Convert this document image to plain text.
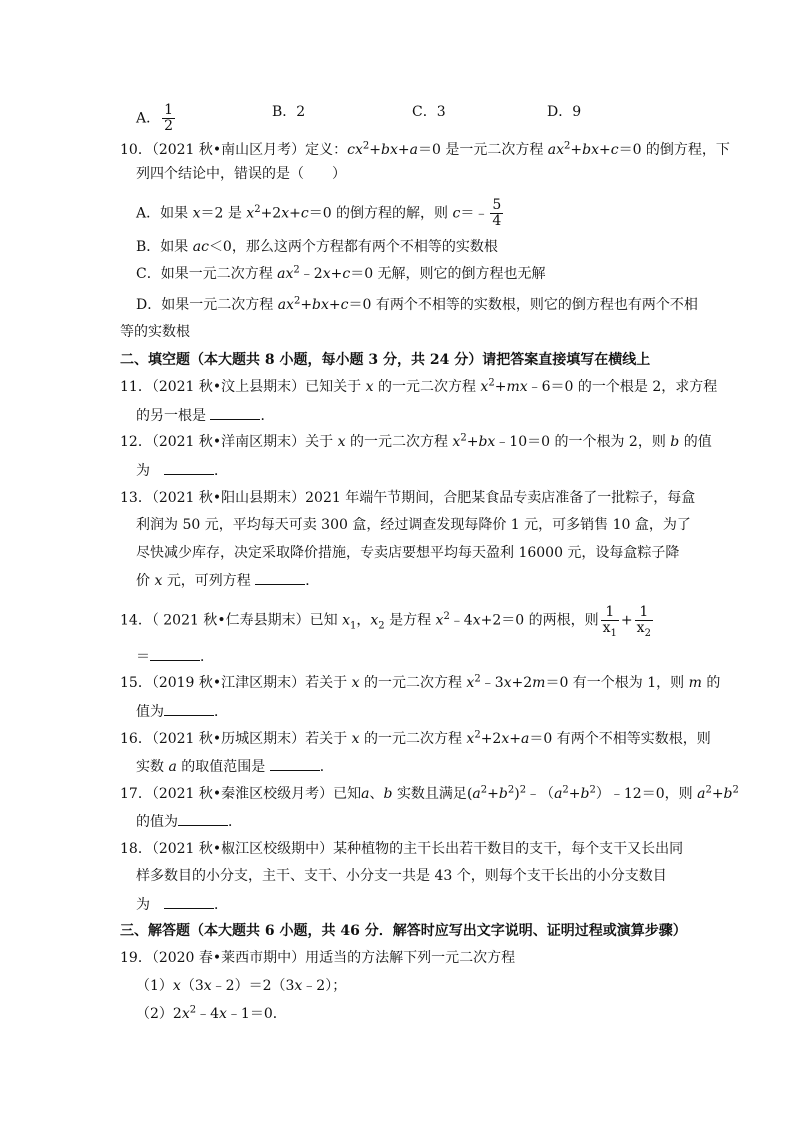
A． $\frac{1}{2}$	B．2	C．3	D．9
10．（2021 秋•南山区月考）定义：$cx^2+bx+a=0$ 是一元二次方程 $ax^2+bx+c=0$ 的倒方程，下
列四个结论中，错误的是（　　）
A．如果 x＝2 是 $x^2+2x+c=0$ 的倒方程的解，则 c＝﹣ $\frac{5}{4}$
B．如果 ac＜0，那么这两个方程都有两个不相等的实数根
C．如果一元二次方程 $ax^2﹣2x+c=0$ 无解，则它的倒方程也无解
D．如果一元二次方程 $ax^2+bx+c=0$ 有两个不相等的实数根，则它的倒方程也有两个不相
等的实数根
二、填空题（本大题共 8 小题，每小题 3 分，共 24 分）请把答案直接填写在横线上
11．（2021 秋•汶上县期末）已知关于 x 的一元二次方程 $x^2+mx﹣6=0$ 的一个根是 2，求方程
的另一根是	．
12．（2021 秋•洋南区期末）关于 x 的一元二次方程 $x^2+bx﹣10=0$ 的一个根为 2，则 b 的值
为　	．
13．（2021 秋•阳山县期末）2021 年端午节期间，合肥某食品专卖店准备了一批粽子，每盒
利润为 50 元，平均每天可卖 300 盒，经过调查发现每降价 1 元，可多销售 10 盒，为了
尽快减少库存，决定采取降价措施，专卖店要想平均每天盈利 16000 元，设每盒粽子降
价 x 元，可列方程	．
14．（ 2021 秋•仁寿县期末）已知 $x_1$，$x_2$ 是方程 $x^2﹣4x+2=0$ 的两根，则 $\frac{1}{x_1} + \frac{1}{x_2}$
＝	．
15．（2019 秋•江津区期末）若关于 x 的一元二次方程 $x^2﹣3x+2m=0$ 有一个根为 1，则 m 的
值为	．
16．（2021 秋•历城区期末）若关于 x 的一元二次方程 $x^2+2x+a=0$ 有两个不相等实数根，则
实数 a 的取值范围是	．
17．（2021 秋•秦淮区校级月考）已知a、b 实数且满足$(a^2+b^2)^2﹣(a^2+b^2)﹣12=0$，则 $a^2+b^2$
的值为	．
18．（2021 秋•椒江区校级期中）某种植物的主干长出若干数目的支干，每个支干又长出同
样多数目的小分支，主干、支干、小分支一共是 43 个，则每个支干长出的小分支数目
为　	．
三、解答题（本大题共 6 小题，共 46 分．解答时应写出文字说明、证明过程或演算步骤）
19．（2020 春•莱西市期中）用适当的方法解下列一元二次方程
（1）x（3x﹣2）＝2（3x﹣2）；
$(2)2x^2﹣4x﹣1=0$．
